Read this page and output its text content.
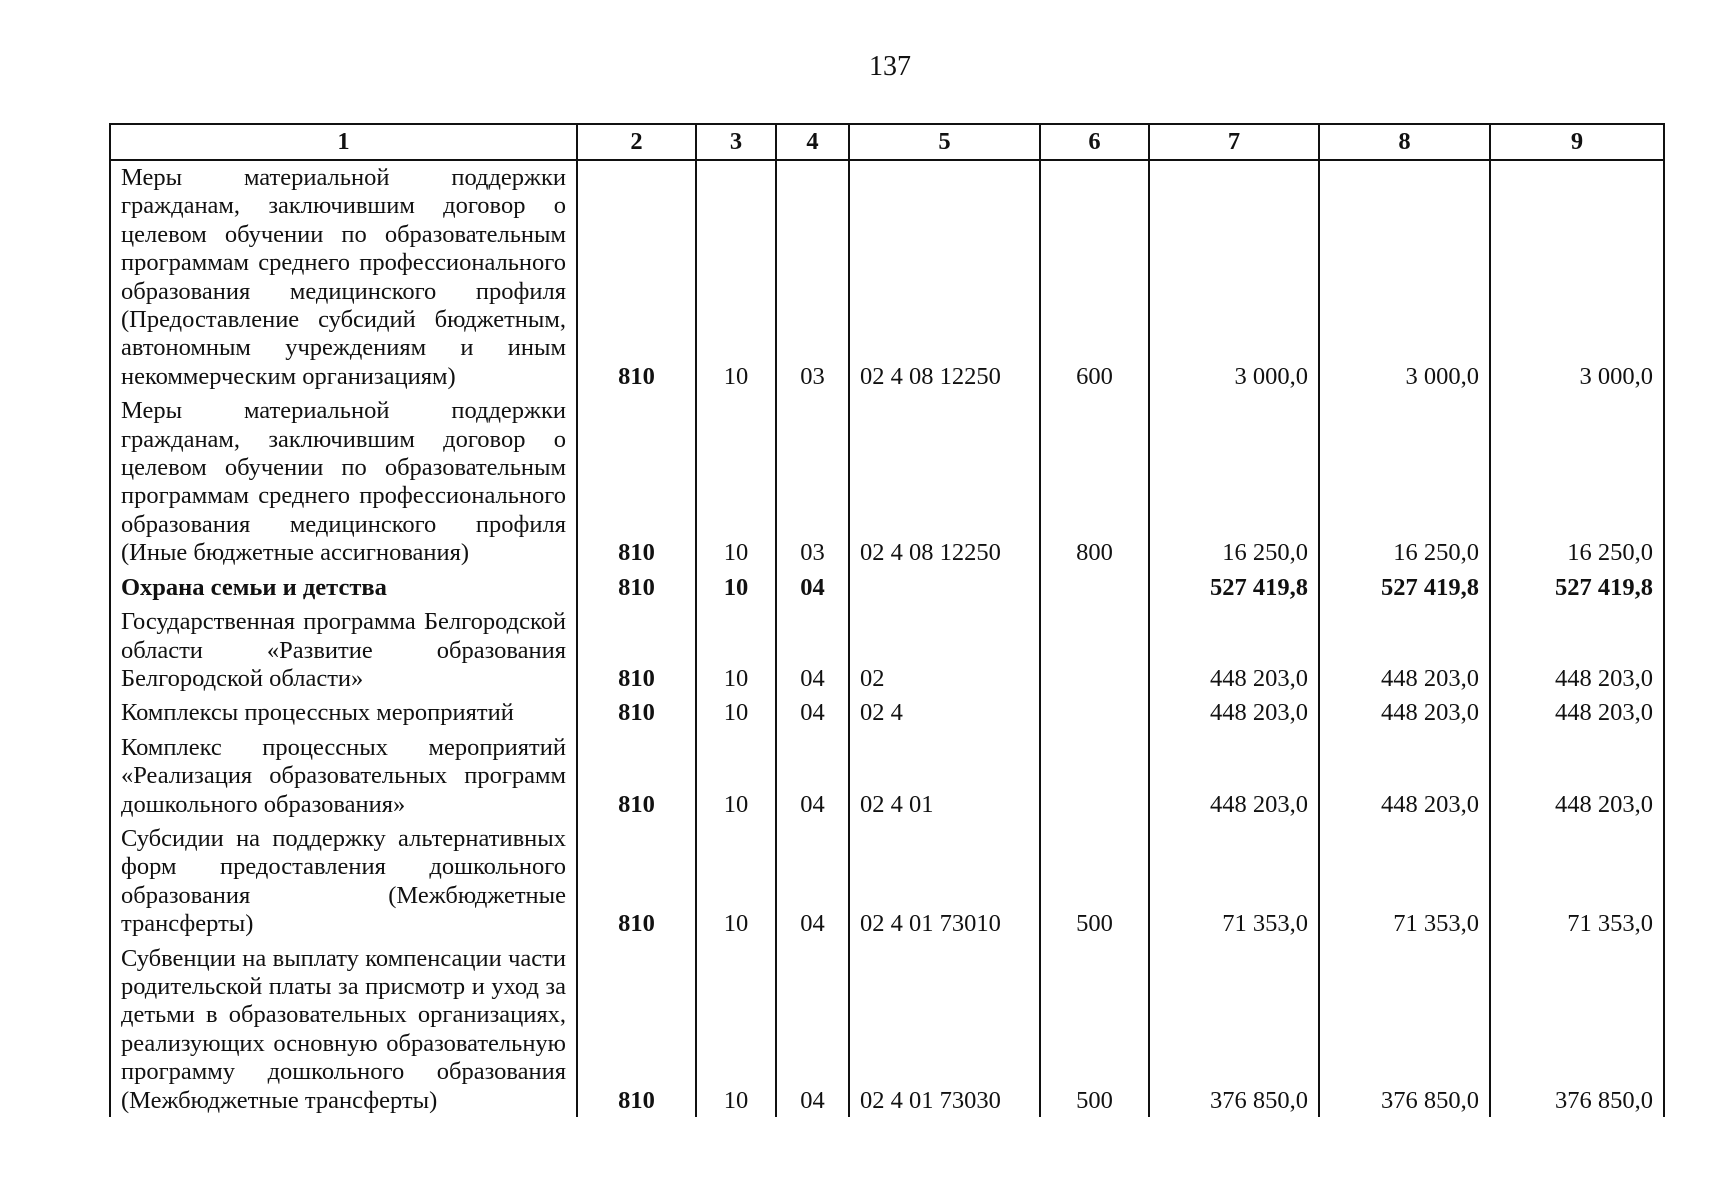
137
1	2	3	4	5	6	7	8	9
Меры материальной поддержки гражданам, заключившим договор о целевом обучении по образовательным программам среднего профессионального образования медицинского профиля (Предоставление субсидий бюджетным, автономным учреждениям и иным некоммерческим организациям)	810	10	03	02 4 08 12250	600	3 000,0	3 000,0	3 000,0
Меры материальной поддержки гражданам, заключившим договор о целевом обучении по образовательным программам среднего профессионального образования медицинского профиля (Иные бюджетные ассигнования)	810	10	03	02 4 08 12250	800	16 250,0	16 250,0	16 250,0
Охрана семьи и детства	810	10	04			527 419,8	527 419,8	527 419,8
Государственная программа Белгородской области «Развитие образования Белгородской области»	810	10	04	02		448 203,0	448 203,0	448 203,0
Комплексы процессных мероприятий	810	10	04	02 4		448 203,0	448 203,0	448 203,0
Комплекс процессных мероприятий «Реализация образовательных программ дошкольного образования»	810	10	04	02 4 01		448 203,0	448 203,0	448 203,0
Субсидии на поддержку альтернативных форм предоставления дошкольного образования (Межбюджетные трансферты)	810	10	04	02 4 01 73010	500	71 353,0	71 353,0	71 353,0
Субвенции на выплату компенсации части родительской платы за присмотр и уход за детьми в образовательных организациях, реализующих основную образовательную программу дошкольного образования (Межбюджетные трансферты)	810	10	04	02 4 01 73030	500	376 850,0	376 850,0	376 850,0
